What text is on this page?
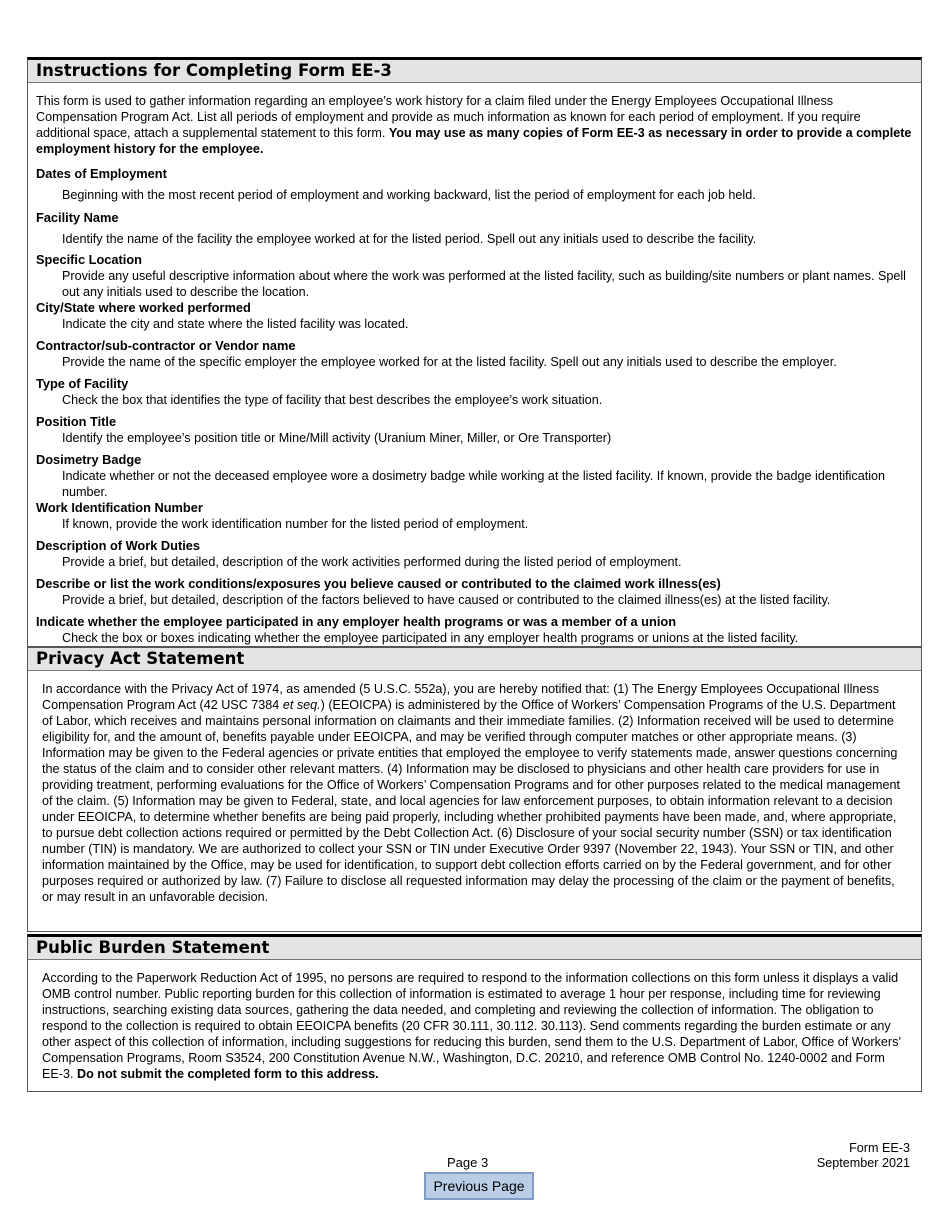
Instructions for Completing Form EE-3

This form is used to gather information regarding an employee’s work history for a claim filed under the Energy Employees Occupational Illness Compensation Program Act. List all periods of employment and provide as much information as known for each period of employment. If you require additional space, attach a supplemental statement to this form. You may use as many copies of Form EE-3 as necessary in order to provide a complete employment history for the employee.

Dates of Employment

Beginning with the most recent period of employment and working backward, list the period of employment for each job held.

Facility Name

Identify the name of the facility the employee worked at for the listed period. Spell out any initials used to describe the facility.

Specific Location

Provide any useful descriptive information about where the work was performed at the listed facility, such as building/site numbers or plant names. Spell out any initials used to describe the location.

City/State where worked performed

Indicate the city and state where the listed facility was located.

Contractor/sub-contractor or Vendor name

Provide the name of the specific employer the employee worked for at the listed facility. Spell out any initials used to describe the employer.

Type of Facility

Check the box that identifies the type of facility that best describes the employee’s work situation.

Position Title

Identify the employee’s position title or Mine/Mill activity (Uranium Miner, Miller, or Ore Transporter)

Dosimetry Badge

Indicate whether or not the deceased employee wore a dosimetry badge while working at the listed facility. If known, provide the badge identification number.

Work Identification Number

If known, provide the work identification number for the listed period of employment.

Description of Work Duties

Provide a brief, but detailed, description of the work activities performed during the listed period of employment.

Describe or list the work conditions/exposures you believe caused or contributed to the claimed work illness(es)

Provide a brief, but detailed, description of the factors believed to have caused or contributed to the claimed illness(es) at the listed facility.

Indicate whether the employee participated in any employer health programs or was a member of a union

Check the box or boxes indicating whether the employee participated in any employer health programs or unions at the listed facility.

Privacy Act Statement

In accordance with the Privacy Act of 1974, as amended (5 U.S.C. 552a), you are hereby notified that: (1) The Energy Employees Occupational Illness Compensation Program Act (42 USC 7384 et seq.) (EEOICPA) is administered by the Office of Workers’ Compensation Programs of the U.S. Department of Labor, which receives and maintains personal information on claimants and their immediate families. (2) Information received will be used to determine eligibility for, and the amount of, benefits payable under EEOICPA, and may be verified through computer matches or other appropriate means. (3) Information may be given to the Federal agencies or private entities that employed the employee to verify statements made, answer questions concerning the status of the claim and to consider other relevant matters. (4) Information may be disclosed to physicians and other health care providers for use in providing treatment, performing evaluations for the Office of Workers’ Compensation Programs and for other purposes related to the medical management of the claim. (5) Information may be given to Federal, state, and local agencies for law enforcement purposes, to obtain information relevant to a decision under EEOICPA, to determine whether benefits are being paid properly, including whether prohibited payments have been made, and, where appropriate, to pursue debt collection actions required or permitted by the Debt Collection Act. (6) Disclosure of your social security number (SSN) or tax identification number (TIN) is mandatory. We are authorized to collect your SSN or TIN under Executive Order 9397 (November 22, 1943). Your SSN or TIN, and other information maintained by the Office, may be used for identification, to support debt collection efforts carried on by the Federal government, and for other purposes required or authorized by law. (7) Failure to disclose all requested information may delay the processing of the claim or the payment of benefits, or may result in an unfavorable decision.

Public Burden Statement

According to the Paperwork Reduction Act of 1995, no persons are required to respond to the information collections on this form unless it displays a valid OMB control number. Public reporting burden for this collection of information is estimated to average 1 hour per response, including time for reviewing instructions, searching existing data sources, gathering the data needed, and completing and reviewing the collection of information. The obligation to respond to the collection is required to obtain EEOICPA benefits (20 CFR 30.111, 30.112. 30.113). Send comments regarding the burden estimate or any other aspect of this collection of information, including suggestions for reducing this burden, send them to the U.S. Department of Labor, Office of Workers’ Compensation Programs, Room S3524, 200 Constitution Avenue N.W., Washington, D.C. 20210, and reference OMB Control No. 1240-0002 and Form EE-3. Do not submit the completed form to this address.

Form EE-3
September 2021
Page 3
Previous Page
